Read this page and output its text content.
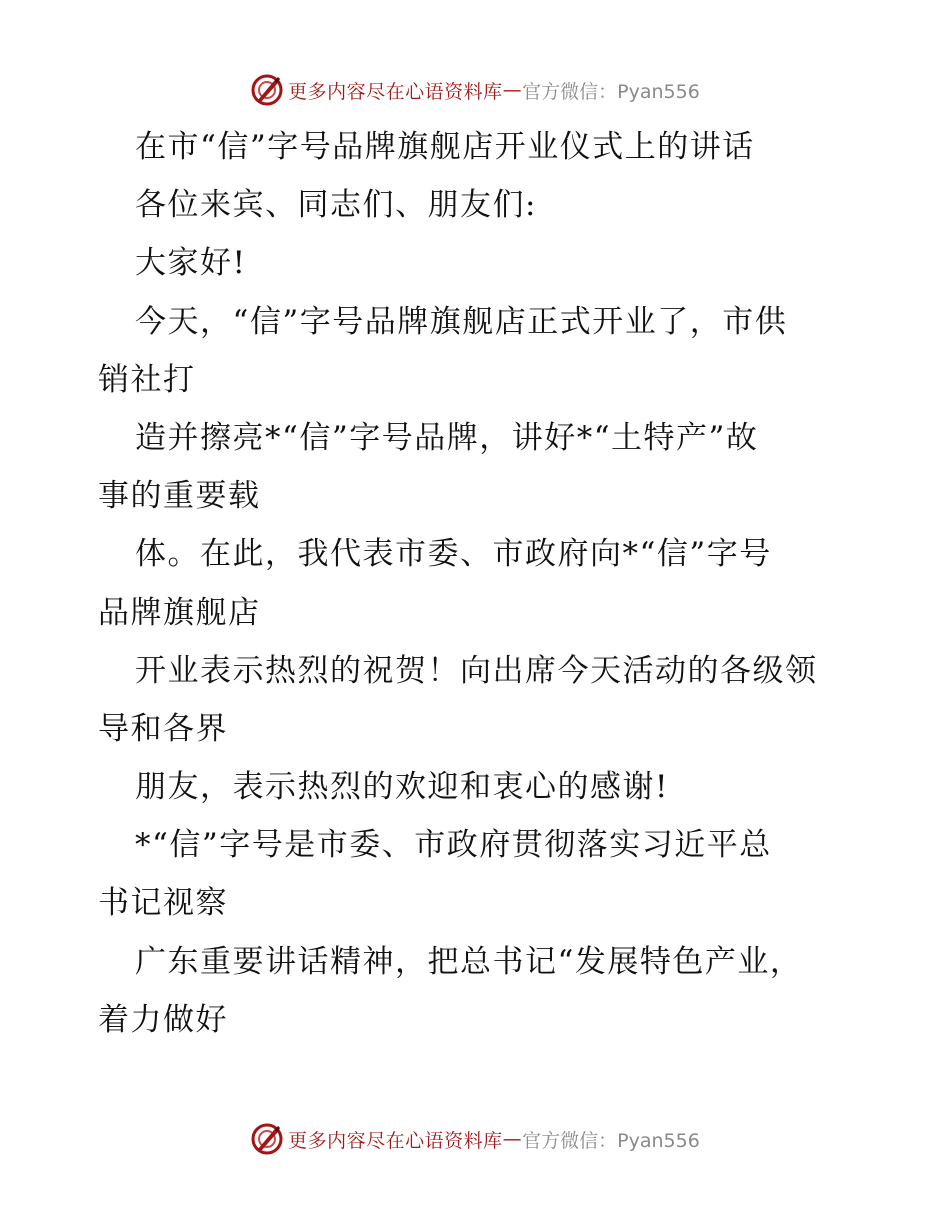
更多内容尽在心语资料库 — 官方微信：Pyan556
在市“信”字号品牌旗舰店开业仪式上的讲话
各位来宾、同志们、朋友们:
大家好!
今天，“信”字号品牌旗舰店正式开业了，市供
销社打
造并擦亮*“信”字号品牌，讲好*“土特产”故
事的重要载
体。在此，我代表市委、市政府向*“信”字号
品牌旗舰店
开业表示热烈的祝贺！向出席今天活动的各级领
导和各界
朋友，表示热烈的欢迎和衷心的感谢!
*“信”字号是市委、市政府贯彻落实习近平总
书记视察
广东重要讲话精神，把总书记“发展特色产业，
着力做好
更多内容尽在心语资料库 — 官方微信：Pyan556
